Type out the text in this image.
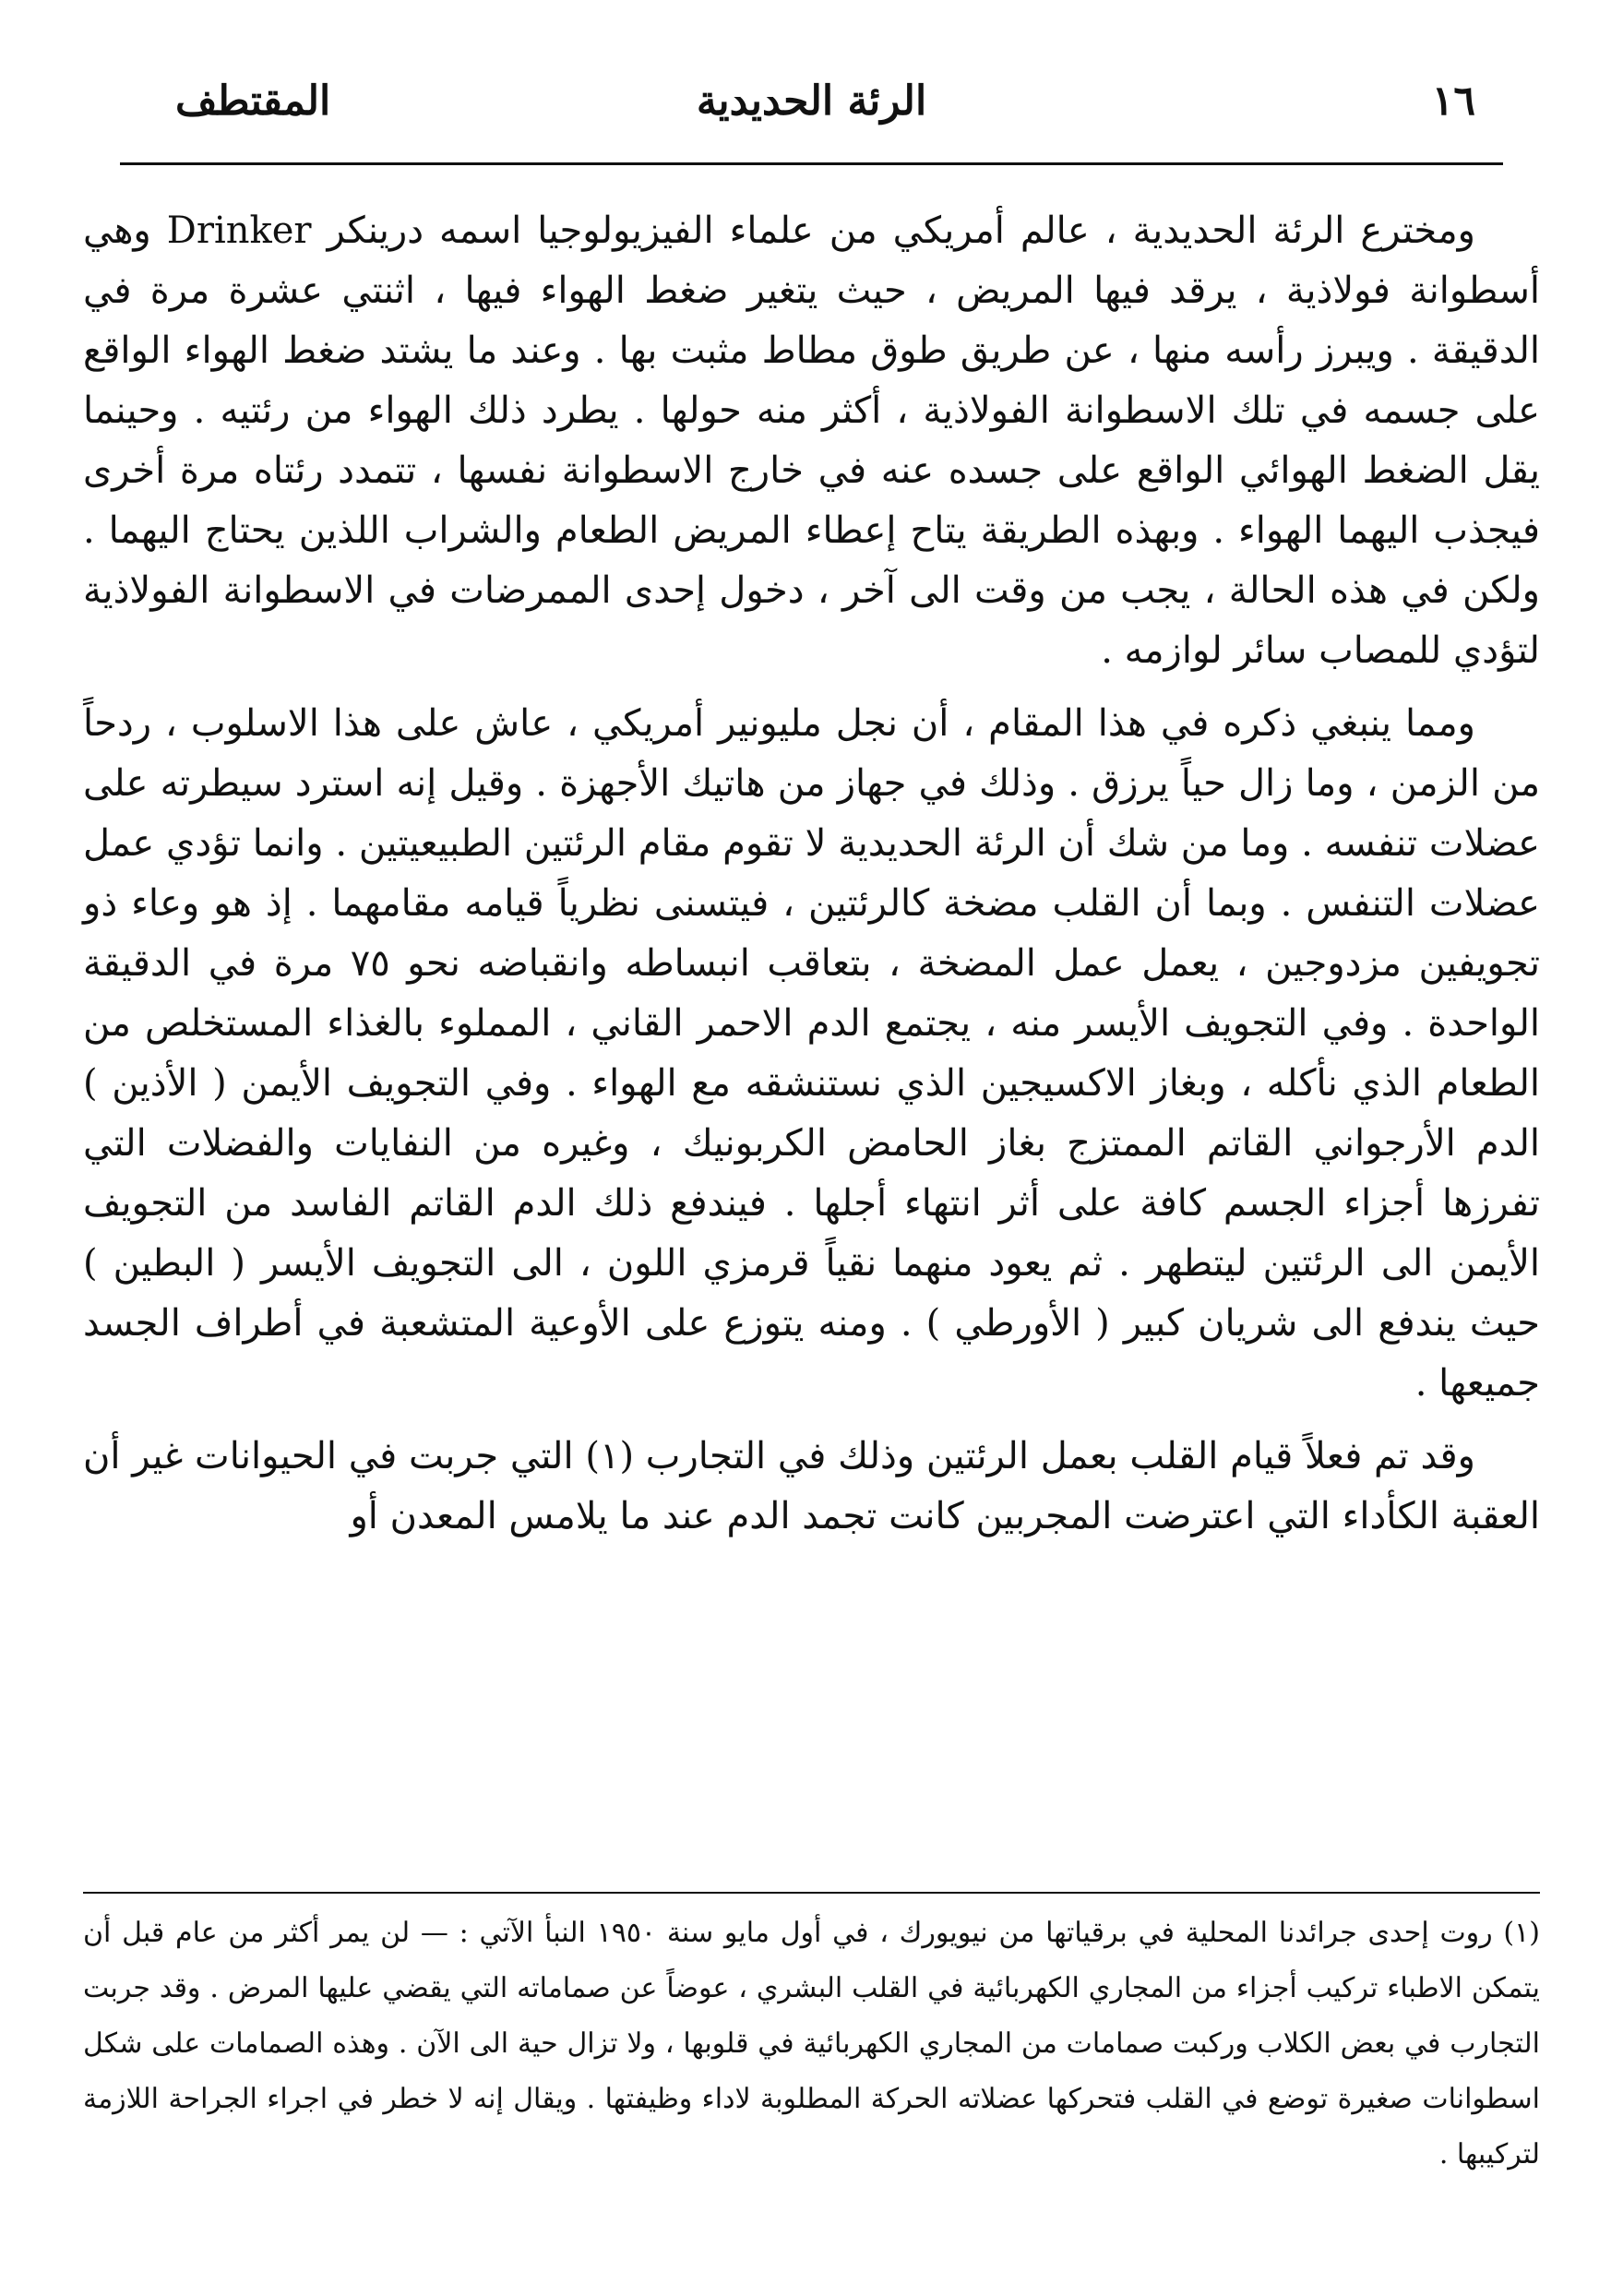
١٦
الرئة الحديدية
المقتطف

ومخترع الرئة الحديدية ، عالم أمريكي من علماء الفيزيولوجيا اسمه درينكر Drinker وهي أسطوانة فولاذية ، يرقد فيها المريض ، حيث يتغير ضغط الهواء فيها ، اثنتي عشرة مرة في الدقيقة . ويبرز رأسه منها ، عن طريق طوق مطاط مثبت بها . وعند ما يشتد ضغط الهواء الواقع على جسمه في تلك الاسطوانة الفولاذية ، أكثر منه حولها . يطرد ذلك الهواء من رئتيه . وحينما يقل الضغط الهوائي الواقع على جسده عنه في خارج الاسطوانة نفسها ، تتمدد رئتاه مرة أخرى فيجذب اليهما الهواء . وبهذه الطريقة يتاح إعطاء المريض الطعام والشراب اللذين يحتاج اليهما . ولكن في هذه الحالة ، يجب من وقت الى آخر ، دخول إحدى الممرضات في الاسطوانة الفولاذية لتؤدي للمصاب سائر لوازمه .

ومما ينبغي ذكره في هذا المقام ، أن نجل مليونير أمريكي ، عاش على هذا الاسلوب ، ردحاً من الزمن ، وما زال حياً يرزق . وذلك في جهاز من هاتيك الأجهزة . وقيل إنه استرد سيطرته على عضلات تنفسه . وما من شك أن الرئة الحديدية لا تقوم مقام الرئتين الطبيعيتين . وانما تؤدي عمل عضلات التنفس . وبما أن القلب مضخة كالرئتين ، فيتسنى نظرياً قيامه مقامهما . إذ هو وعاء ذو تجويفين مزدوجين ، يعمل عمل المضخة ، بتعاقب انبساطه وانقباضه نحو ٧٥ مرة في الدقيقة الواحدة . وفي التجويف الأيسر منه ، يجتمع الدم الاحمر القاني ، المملوء بالغذاء المستخلص من الطعام الذي نأكله ، وبغاز الاكسيجين الذي نستنشقه مع الهواء . وفي التجويف الأيمن ( الأذين ) الدم الأرجواني القاتم الممتزج بغاز الحامض الكربونيك ، وغيره من النفايات والفضلات التي تفرزها أجزاء الجسم كافة على أثر انتهاء أجلها . فيندفع ذلك الدم القاتم الفاسد من التجويف الأيمن الى الرئتين ليتطهر . ثم يعود منهما نقياً قرمزي اللون ، الى التجويف الأيسر ( البطين ) حيث يندفع الى شريان كبير ( الأورطي ) . ومنه يتوزع على الأوعية المتشعبة في أطراف الجسد جميعها .

وقد تم فعلاً قيام القلب بعمل الرئتين وذلك في التجارب (١) التي جربت في الحيوانات غير أن العقبة الكأداء التي اعترضت المجربين كانت تجمد الدم عند ما يلامس المعدن أو

(١) روت إحدى جرائدنا المحلية في برقياتها من نيويورك ، في أول مايو سنة ١٩٥٠ النبأ الآتي : — لن يمر أكثر من عام قبل أن يتمكن الاطباء تركيب أجزاء من المجاري الكهربائية في القلب البشري ، عوضاً عن صماماته التي يقضي عليها المرض . وقد جربت التجارب في بعض الكلاب وركبت صمامات من المجاري الكهربائية في قلوبها ، ولا تزال حية الى الآن . وهذه الصمامات على شكل اسطوانات صغيرة توضع في القلب فتحركها عضلاته الحركة المطلوبة لاداء وظيفتها . ويقال إنه لا خطر في اجراء الجراحة اللازمة لتركيبها .
